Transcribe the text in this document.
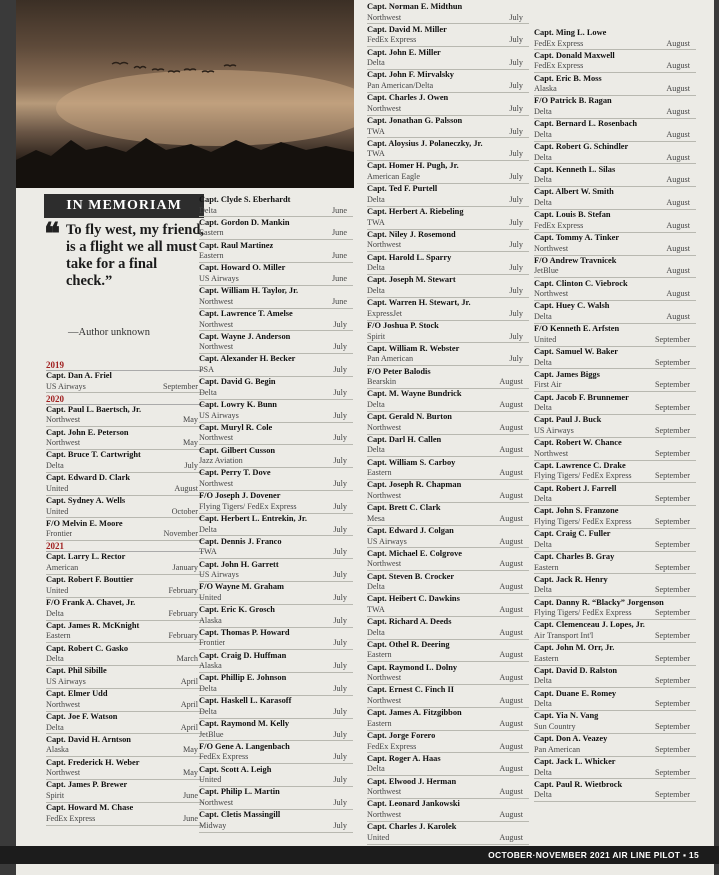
IN MEMORIAM
❝ To fly west, my friend, is a flight we all must take for a final check.”
—Author unknown
2019
Capt. Dan A. Friel
US Airways	September
2020
Capt. Paul L. Baertsch, Jr.
Northwest	May
Capt. John E. Peterson
Northwest	May
Capt. Bruce T. Cartwright
Delta	July
Capt. Edward D. Clark
United	August
Capt. Sydney A. Wells
United	October
F/O Melvin E. Moore
Frontier	November
2021
Capt. Larry L. Rector
American	January
Capt. Robert F. Bouttier
United	February
F/O Frank A. Chavet, Jr.
Delta	February
Capt. James R. McKnight
Eastern	February
Capt. Robert C. Gasko
Delta	March
Capt. Phil Sibille
US Airways	April
Capt. Elmer Udd
Northwest	April
Capt. Joe F. Watson
Delta	April
Capt. David H. Arntson
Alaska	May
Capt. Frederick H. Weber
Northwest	May
Capt. James P. Brewer
Spirit	June
Capt. Howard M. Chase
FedEx Express	June
Capt. Clyde S. Eberhardt
Delta	June
Capt. Gordon D. Mankin
Eastern	June
Capt. Raul Martinez
Eastern	June
Capt. Howard O. Miller
US Airways	June
Capt. William H. Taylor, Jr.
Northwest	June
Capt. Lawrence T. Amelse
Northwest	July
Capt. Wayne J. Anderson
Northwest	July
Capt. Alexander H. Becker
PSA	July
Capt. David G. Begin
Delta	July
Capt. Lowry K. Bunn
US Airways	July
Capt. Muryl R. Cole
Northwest	July
Capt. Gilbert Cusson
Jazz Aviation	July
Capt. Perry T. Dove
Northwest	July
F/O Joseph J. Dovener
Flying Tigers/ FedEx Express	July
Capt. Herbert L. Entrekin, Jr.
Delta	July
Capt. Dennis J. Franco
TWA	July
Capt. John H. Garrett
US Airways	July
F/O Wayne M. Graham
United	July
Capt. Eric K. Grosch
Alaska	July
Capt. Thomas P. Howard
Frontier	July
Capt. Craig D. Huffman
Alaska	July
Capt. Phillip E. Johnson
Delta	July
Capt. Haskell L. Karasoff
Delta	July
Capt. Raymond M. Kelly
JetBlue	July
F/O Gene A. Langenbach
FedEx Express	July
Capt. Scott A. Leigh
United	July
Capt. Philip L. Martin
Northwest	July
Capt. Cletis Massingill
Midway	July
Capt. Norman E. Midthun
Northwest	July
Capt. David M. Miller
FedEx Express	July
Capt. John E. Miller
Delta	July
Capt. John F. Mirvalsky
Pan American/Delta	July
Capt. Charles J. Owen
Northwest	July
Capt. Jonathan G. Palsson
TWA	July
Capt. Aloysius J. Polaneczky, Jr.
TWA	July
Capt. Homer H. Pugh, Jr.
American Eagle	July
Capt. Ted F. Purtell
Delta	July
Capt. Herbert A. Riebeling
TWA	July
Capt. Niley J. Rosemond
Northwest	July
Capt. Harold L. Sparry
Delta	July
Capt. Joseph M. Stewart
Delta	July
Capt. Warren H. Stewart, Jr.
ExpressJet	July
F/O Joshua P. Stock
Spirit	July
Capt. William R. Webster
Pan American	July
F/O Peter Balodis
Bearskin	August
Capt. M. Wayne Bundrick
Delta	August
Capt. Gerald N. Burton
Northwest	August
Capt. Darl H. Callen
Delta	August
Capt. William S. Carboy
Eastern	August
Capt. Joseph R. Chapman
Northwest	August
Capt. Brett C. Clark
Mesa	August
Capt. Edward J. Colgan
US Airways	August
Capt. Michael E. Colgrove
Northwest	August
Capt. Steven B. Crocker
Delta	August
Capt. Heibert C. Dawkins
TWA	August
Capt. Richard A. Deeds
Delta	August
Capt. Othel R. Deering
Eastern	August
Capt. Raymond L. Dolny
Northwest	August
Capt. Ernest C. Finch II
Northwest	August
Capt. James A. Fitzgibbon
Eastern	August
Capt. Jorge Forero
FedEx Express	August
Capt. Roger A. Haas
Delta	August
Capt. Elwood J. Herman
Northwest	August
Capt. Leonard Jankowski
Northwest	August
Capt. Charles J. Karolek
United	August
Capt. Ming L. Lowe
FedEx Express	August
Capt. Donald Maxwell
FedEx Express	August
Capt. Eric B. Moss
Alaska	August
F/O Patrick B. Ragan
Delta	August
Capt. Bernard L. Rosenbach
Delta	August
Capt. Robert G. Schindler
Delta	August
Capt. Kenneth L. Silas
Delta	August
Capt. Albert W. Smith
Delta	August
Capt. Louis B. Stefan
FedEx Express	August
Capt. Tommy A. Tinker
Northwest	August
F/O Andrew Travnicek
JetBlue	August
Capt. Clinton C. Viebrock
Northwest	August
Capt. Huey C. Walsh
Delta	August
F/O Kenneth E. Arfsten
United	September
Capt. Samuel W. Baker
Delta	September
Capt. James Biggs
First Air	September
Capt. Jacob F. Brunnemer
Delta	September
Capt. Paul J. Buck
US Airways	September
Capt. Robert W. Chance
Northwest	September
Capt. Lawrence C. Drake
Flying Tigers/ FedEx Express	September
Capt. Robert J. Farrell
Delta	September
Capt. John S. Franzone
Flying Tigers/ FedEx Express	September
Capt. Craig C. Fuller
Delta	September
Capt. Charles B. Gray
Eastern	September
Capt. Jack R. Henry
Delta	September
Capt. Danny R. “Blacky” Jorgenson
Flying Tigers/ FedEx Express	September
Capt. Clemenceau J. Lopes, Jr.
Air Transport Int'l	September
Capt. John M. Orr, Jr.
Eastern	September
Capt. David D. Ralston
Delta	September
Capt. Duane E. Romey
Delta	September
Capt. Yia N. Vang
Sun Country	September
Capt. Don A. Veazey
Pan American	September
Capt. Jack L. Whicker
Delta	September
Capt. Paul R. Wietbrock
Delta	September
OCTOBER·NOVEMBER 2021 AIR LINE PILOT ▪ 15
